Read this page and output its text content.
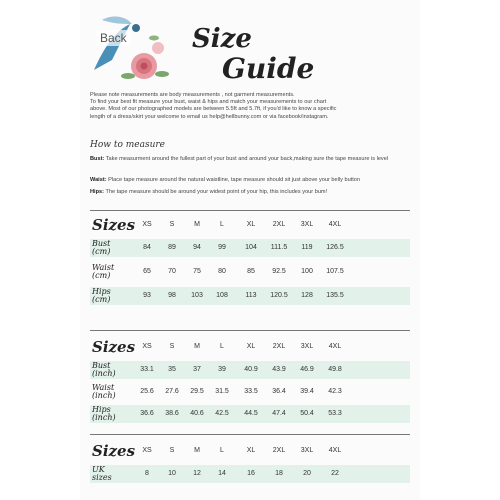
Back	Size
Guide

Please note measurements are body measurements , not garment measurements.

To find your best fit measure your bust, waist & hips and match your measurements to our chart

above. Most of our photographed models are between 5.5ft and 5.7ft, if you'd like to know a specific

length of a dress/skirt your welcome to email us help@hellbunny.com or via facebook/instagram.

How to measure
Bust: Take measurment around the fullest part of your bust and around your back,making sure the tape measure is level
Waist: Place tape measure around the natural waistline, tape measure should sit just above your belly button
Hips: The tape measure should be around your widest point of your hip, this includes your bum!
Sizes	XS	S	M	L	XL	2XL	3XL	4XL
Bust
(cm)	84	89	94	99	104	111.5	119	126.5
Waist
(cm)	65	70	75	80	85	92.5	100	107.5
Hips
(cm)	93	98	103	108	113	120.5	128	135.5
Sizes	XS	S	M	L	XL	2XL	3XL	4XL
Bust
(inch)	33.1	35	37	39	40.9	43.9	46.9	49.8
Waist
(inch)	25.6	27.6	29.5	31.5	33.5	36.4	39.4	42.3
Hips
(inch)	36.6	38.6	40.6	42.5	44.5	47.4	50.4	53.3
Sizes	XS	S	M	L	XL	2XL	3XL	4XL
UK
sizes	8	10	12	14	16	18	20	22
